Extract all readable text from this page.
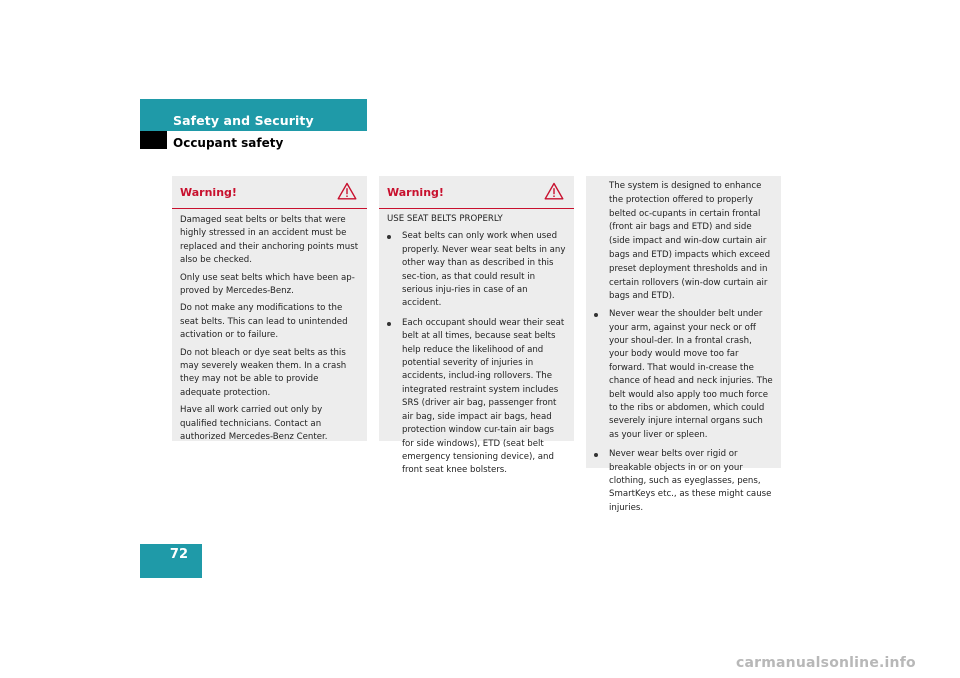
Safety and Security
Occupant safety
Warning!

Damaged seat belts or belts that were highly stressed in an accident must be replaced and their anchoring points must also be checked.

Only use seat belts which have been ap-proved by Mercedes-Benz.

Do not make any modifications to the seat belts. This can lead to unintended activation or to failure.

Do not bleach or dye seat belts as this may severely weaken them. In a crash they may not be able to provide adequate protection.

Have all work carried out only by qualified technicians. Contact an authorized Mercedes-Benz Center.

Warning!

USE SEAT BELTS PROPERLY

Seat belts can only work when used properly. Never wear seat belts in any other way than as described in this sec-tion, as that could result in serious inju-ries in case of an accident.
Each occupant should wear their seat belt at all times, because seat belts help reduce the likelihood of and potential severity of injuries in accidents, includ-ing rollovers. The integrated restraint system includes SRS (driver air bag, passenger front air bag, side impact air bags, head protection window cur-tain air bags for side windows), ETD (seat belt emergency tensioning device), and front seat knee bolsters.

The system is designed to enhance the protection offered to properly belted oc-cupants in certain frontal (front air bags and ETD) and side (side impact and win-dow curtain air bags and ETD) impacts which exceed preset deployment thresholds and in certain rollovers (win-dow curtain air bags and ETD).

Never wear the shoulder belt under your arm, against your neck or off your shoul-der. In a frontal crash, your body would move too far forward. That would in-crease the chance of head and neck injuries. The belt would also apply too much force to the ribs or abdomen, which could severely injure internal organs such as your liver or spleen.
Never wear belts over rigid or breakable objects in or on your clothing, such as eyeglasses, pens, SmartKeys etc., as these might cause injuries.
72
carmanualsonline.info
